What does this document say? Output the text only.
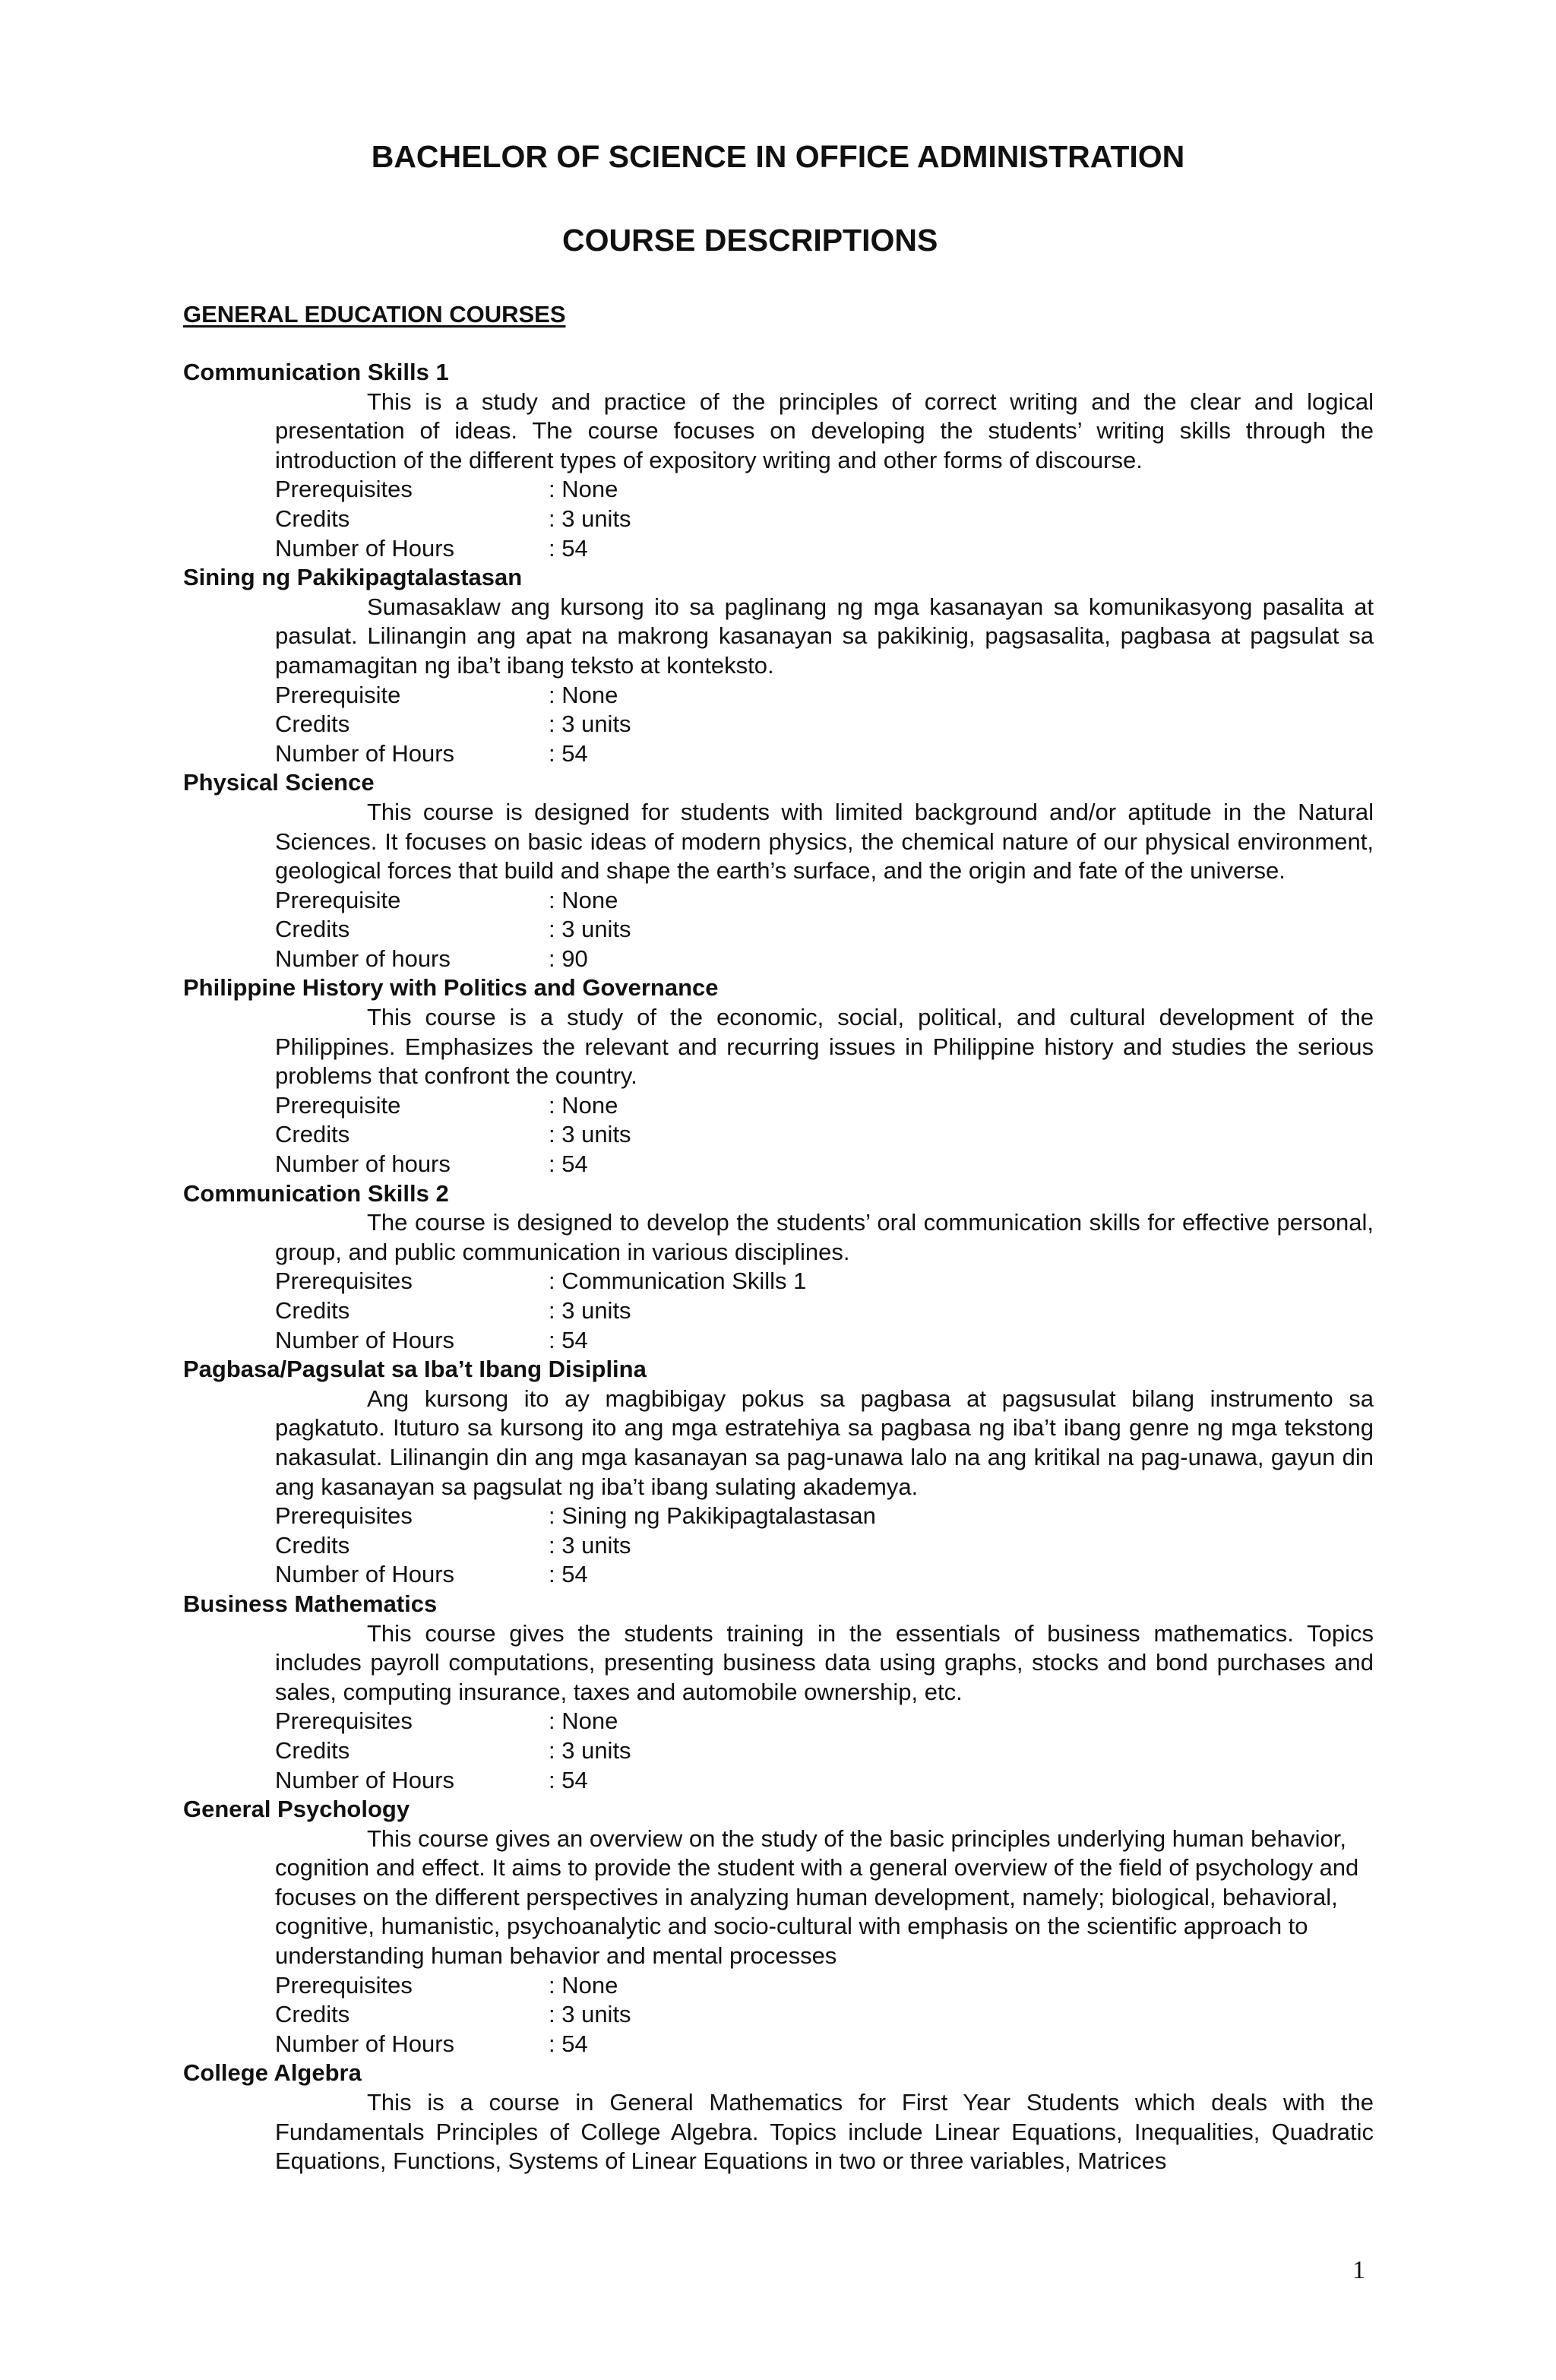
BACHELOR OF SCIENCE IN OFFICE ADMINISTRATION
COURSE DESCRIPTIONS
GENERAL EDUCATION COURSES

Communication Skills 1

This is a study and practice of the principles of correct writing and the clear and logical presentation of ideas. The course focuses on developing the students’ writing skills through the introduction of the different types of expository writing and other forms of discourse.

Prerequisites	: None
Credits	: 3 units
Number of Hours	: 54

Sining ng Pakikipagtalastasan

Sumasaklaw ang kursong ito sa paglinang ng mga kasanayan sa komunikasyong pasalita at pasulat. Lilinangin ang apat na makrong kasanayan sa pakikinig, pagsasalita, pagbasa at pagsulat sa pamamagitan ng iba’t ibang teksto at konteksto.

Prerequisite	: None
Credits	: 3 units
Number of Hours	: 54

Physical Science

This course is designed for students with limited background and/or aptitude in the Natural Sciences. It focuses on basic ideas of modern physics, the chemical nature of our physical environment, geological forces that build and shape the earth’s surface, and the origin and fate of the universe.

Prerequisite	: None
Credits	: 3 units
Number of hours	: 90

Philippine History with Politics and Governance

This course is a study of the economic, social, political, and cultural development of the Philippines. Emphasizes the relevant and recurring issues in Philippine history and studies the serious problems that confront the country.

Prerequisite	: None
Credits	: 3 units
Number of hours	: 54

Communication Skills 2

The course is designed to develop the students’ oral communication skills for effective personal, group, and public communication in various disciplines.

Prerequisites	: Communication Skills 1
Credits	: 3 units
Number of Hours	: 54

Pagbasa/Pagsulat sa Iba’t Ibang Disiplina

Ang kursong ito ay magbibigay pokus sa pagbasa at pagsusulat bilang instrumento sa pagkatuto. Ituturo sa kursong ito ang mga estratehiya sa pagbasa ng iba’t ibang genre ng mga tekstong nakasulat. Lilinangin din ang mga kasanayan sa pag-unawa lalo na ang kritikal na pag-unawa, gayun din ang kasanayan sa pagsulat ng iba’t ibang sulating akademya.

Prerequisites	: Sining ng Pakikipagtalastasan
Credits	: 3 units
Number of Hours	: 54

Business Mathematics

This course gives the students training in the essentials of business mathematics. Topics includes payroll computations, presenting business data using graphs, stocks and bond purchases and sales, computing insurance, taxes and automobile ownership, etc.

Prerequisites	: None
Credits	: 3 units
Number of Hours	: 54

General Psychology

This course gives an overview on the study of the basic principles underlying human behavior, cognition and effect. It aims to provide the student with a general overview of the field of psychology and focuses on the different perspectives in analyzing human development, namely; biological, behavioral, cognitive, humanistic, psychoanalytic and socio-cultural with emphasis on the scientific approach to understanding human behavior and mental processes

Prerequisites	: None
Credits	: 3 units
Number of Hours	: 54

College Algebra

This is a course in General Mathematics for First Year Students which deals with the Fundamentals Principles of College Algebra. Topics include Linear Equations, Inequalities, Quadratic Equations, Functions, Systems of Linear Equations in two or three variables, Matrices

1
